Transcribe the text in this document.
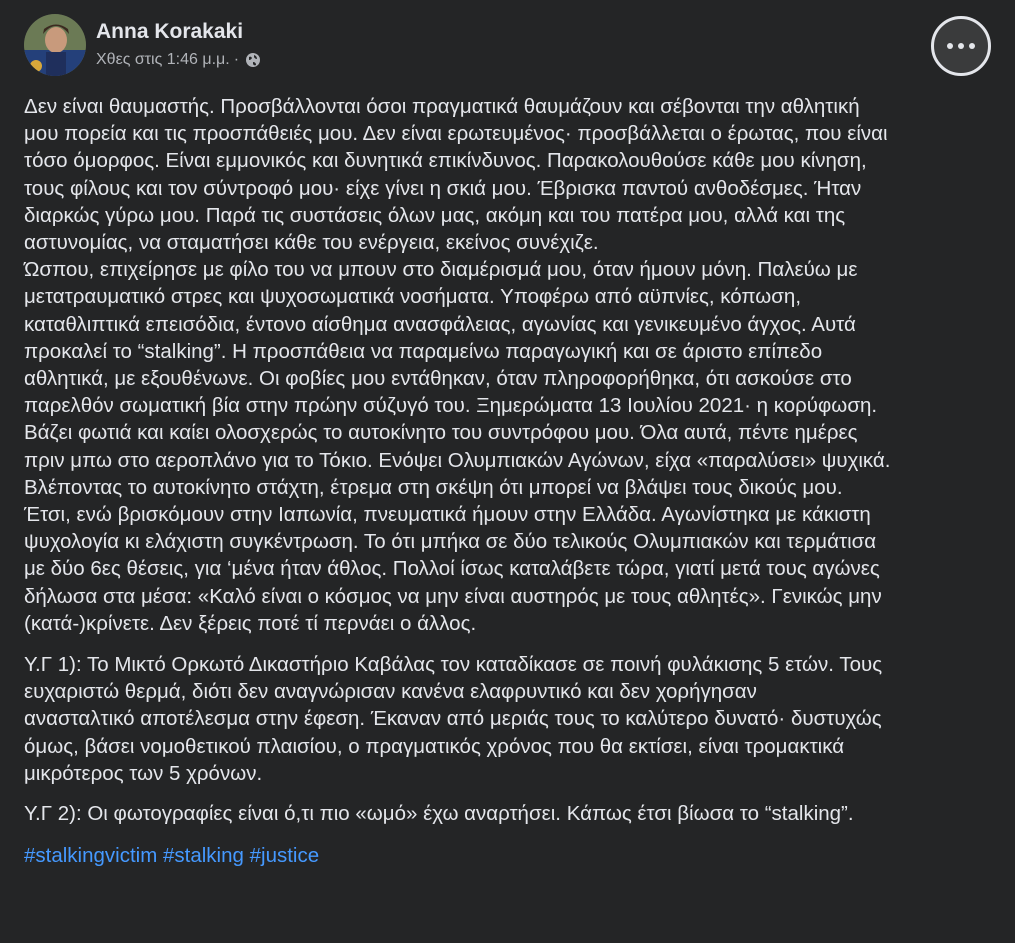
Anna Korakaki
Χθες στις 1:46 μ.μ. ·

Δεν είναι θαυμαστής. Προσβάλλονται όσοι πραγματικά θαυμάζουν και σέβονται την αθλητική
μου πορεία και τις προσπάθειές μου. Δεν είναι ερωτευμένος· προσβάλλεται ο έρωτας, που είναι
τόσο όμορφος. Είναι εμμονικός και δυνητικά επικίνδυνος. Παρακολουθούσε κάθε μου κίνηση,
τους φίλους και τον σύντροφό μου· είχε γίνει η σκιά μου. Έβρισκα παντού ανθοδέσμες. Ήταν
διαρκώς γύρω μου. Παρά τις συστάσεις όλων μας, ακόμη και του πατέρα μου, αλλά και της
αστυνομίας, να σταματήσει κάθε του ενέργεια, εκείνος συνέχιζε.
Ώσπου, επιχείρησε με φίλο του να μπουν στο διαμέρισμά μου, όταν ήμουν μόνη. Παλεύω με
μετατραυματικό στρες και ψυχοσωματικά νοσήματα. Υποφέρω από αϋπνίες, κόπωση,
καταθλιπτικά επεισόδια, έντονο αίσθημα ανασφάλειας, αγωνίας και γενικευμένο άγχος. Αυτά
προκαλεί το “stalking”. Η προσπάθεια να παραμείνω παραγωγική και σε άριστο επίπεδο
αθλητικά, με εξουθένωνε. Οι φοβίες μου εντάθηκαν, όταν πληροφορήθηκα, ότι ασκούσε στο
παρελθόν σωματική βία στην πρώην σύζυγό του. Ξημερώματα 13 Ιουλίου 2021· η κορύφωση.
Βάζει φωτιά και καίει ολοσχερώς το αυτοκίνητο του συντρόφου μου. Όλα αυτά, πέντε ημέρες
πριν μπω στο αεροπλάνο για το Τόκιο. Ενόψει Ολυμπιακών Αγώνων, είχα «παραλύσει» ψυχικά.
Βλέποντας το αυτοκίνητο στάχτη, έτρεμα στη σκέψη ότι μπορεί να βλάψει τους δικούς μου.
Έτσι, ενώ βρισκόμουν στην Ιαπωνία, πνευματικά ήμουν στην Ελλάδα. Αγωνίστηκα με κάκιστη
ψυχολογία κι ελάχιστη συγκέντρωση. Το ότι μπήκα σε δύο τελικούς Ολυμπιακών και τερμάτισα
με δύο 6ες θέσεις, για ‘μένα ήταν άθλος. Πολλοί ίσως καταλάβετε τώρα, γιατί μετά τους αγώνες
δήλωσα στα μέσα: «Καλό είναι ο κόσμος να μην είναι αυστηρός με τους αθλητές». Γενικώς μην
(κατά-)κρίνετε. Δεν ξέρεις ποτέ τί περνάει ο άλλος.

Υ.Γ 1): Το Μικτό Ορκωτό Δικαστήριο Καβάλας τον καταδίκασε σε ποινή φυλάκισης 5 ετών. Τους
ευχαριστώ θερμά, διότι δεν αναγνώρισαν κανένα ελαφρυντικό και δεν χορήγησαν
ανασταλτικό αποτέλεσμα στην έφεση. Έκαναν από μεριάς τους το καλύτερο δυνατό· δυστυχώς
όμως, βάσει νομοθετικού πλαισίου, ο πραγματικός χρόνος που θα εκτίσει, είναι τρομακτικά
μικρότερος των 5 χρόνων.

Υ.Γ 2): Οι φωτογραφίες είναι ό,τι πιο «ωμό» έχω αναρτήσει. Κάπως έτσι βίωσα το “stalking”.

#stalkingvictim #stalking #justice
